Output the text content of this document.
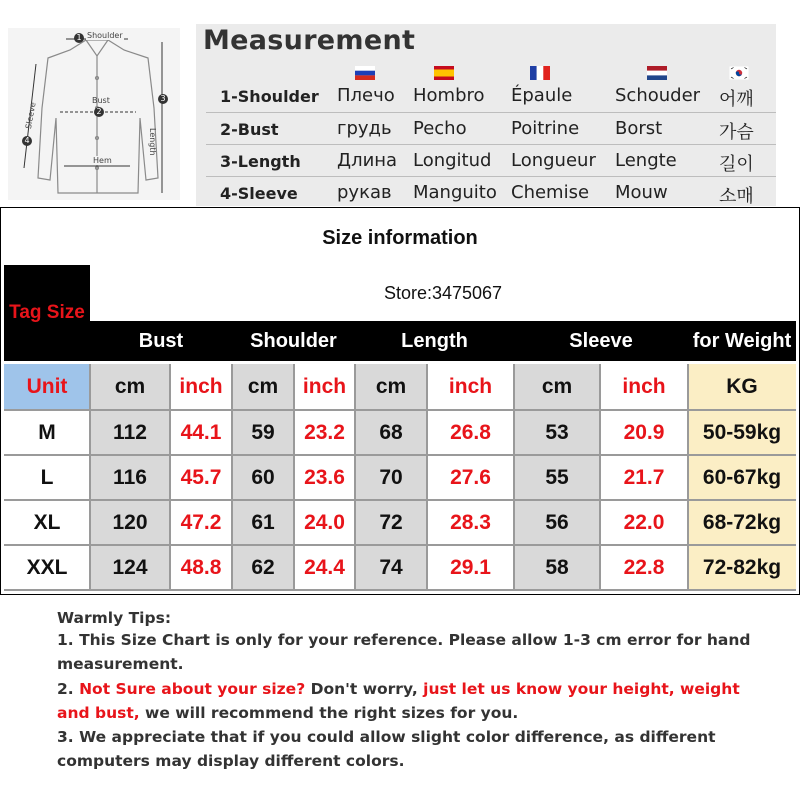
Shoulder
1
Bust
2
3
Length
4
Sleeve
Hem
Measurement
1-Shoulder Плечо Hombro Épaule Schouder 어깨
2-Bust	грудь Pecho Poitrine Borst	가슴
3-Length Длина Longitud Longueur Lengte 길이
4-Sleeve рукав Manguito Chemise Mouw	소매
Size information
Tag Size
Store:3475067
Bust	Shoulder	Length	Sleeve	for Weight
Unit	cm	inch	cm	inch	cm	inch	cm	inch	KG
M	112	44.1	59	23.2	68	26.8	53	20.9	50-59kg
L	116	45.7	60	23.6	70	27.6	55	21.7	60-67kg
XL	120	47.2	61	24.0	72	28.3	56	22.0	68-72kg
XXL	124	48.8	62	24.4	74	29.1	58	22.8	72-82kg
Warmly Tips:
1. This Size Chart is only for your reference. Please allow 1-3 cm error for hand measurement.
2. Not Sure about your size? Don't worry, just let us know your height, weight and bust, we will recommend the right sizes for you.
3. We appreciate that if you could allow slight color difference, as different computers may display different colors.
